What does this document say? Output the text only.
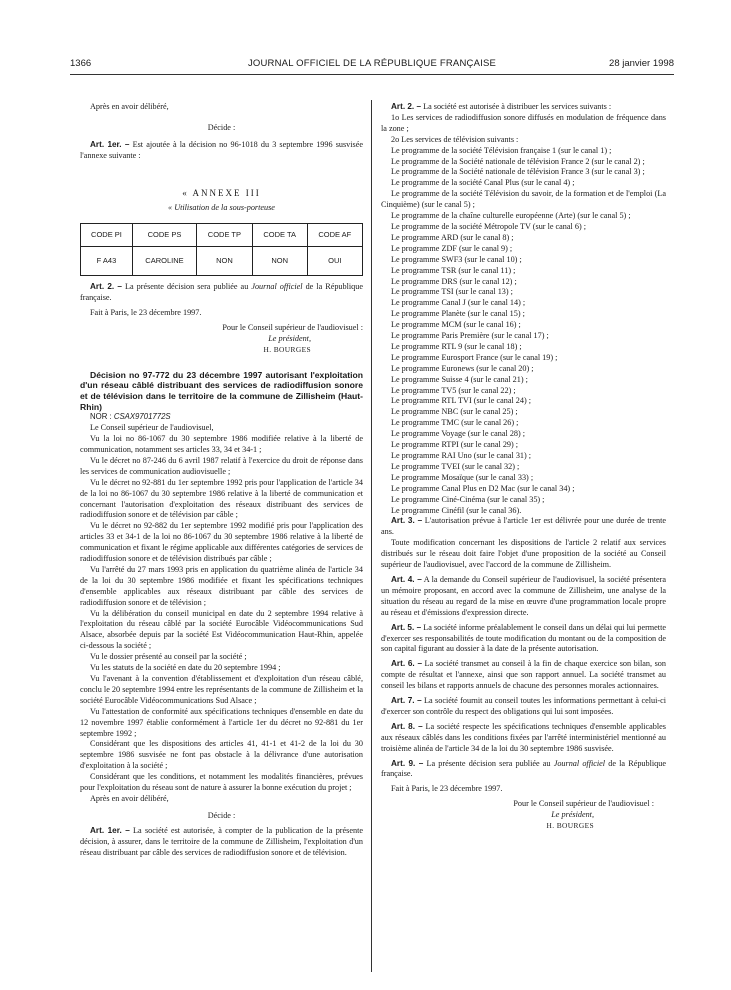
1366	JOURNAL OFFICIEL DE LA RÉPUBLIQUE FRANÇAISE	28 janvier 1998

Après en avoir délibéré,

Décide :

Art. 1er. – Est ajoutée à la décision no 96-1018 du 3 septembre 1996 susvisée l'annexe suivante :

« ANNEXE III

« Utilisation de la sous-porteuse

CODE PI	CODE PS	CODE TP	CODE TA	CODE AF
F A43	CAROLINE	NON	NON	OUI

Art. 2. – La présente décision sera publiée au Journal officiel de la République française.

Fait à Paris, le 23 décembre 1997.

Pour le Conseil supérieur de l'audiovisuel :

Le président,

H. BOURGES

Décision no 97-772 du 23 décembre 1997 autorisant l'exploitation d'un réseau câblé distribuant des services de radiodiffusion sonore et de télévision dans le territoire de la commune de Zillisheim (Haut-Rhin)

NOR : CSAX9701772S

Le Conseil supérieur de l'audiovisuel,

Vu la loi no 86-1067 du 30 septembre 1986 modifiée relative à la liberté de communication, notamment ses articles 33, 34 et 34-1 ;

Vu le décret no 87-246 du 6 avril 1987 relatif à l'exercice du droit de réponse dans les services de communication audiovisuelle ;

Vu le décret no 92-881 du 1er septembre 1992 pris pour l'application de l'article 34 de la loi no 86-1067 du 30 septembre 1986 relative à la liberté de communication et concernant l'autorisation d'exploitation des réseaux distribuant des services de radiodiffusion sonore et de télévision par câble ;

Vu le décret no 92-882 du 1er septembre 1992 modifié pris pour l'application des articles 33 et 34-1 de la loi no 86-1067 du 30 septembre 1986 relative à la liberté de communication et fixant le régime applicable aux différentes catégories de services de radiodiffusion sonore et de télévision distribués par câble ;

Vu l'arrêté du 27 mars 1993 pris en application du quatrième alinéa de l'article 34 de la loi du 30 septembre 1986 modifiée et fixant les spécifications techniques d'ensemble applicables aux réseaux distribuant par câble des services de radiodiffusion sonore et de télévision ;

Vu la délibération du conseil municipal en date du 2 septembre 1994 relative à l'exploitation du réseau câblé par la société Eurocâble Vidéocommunications Sud Alsace, absorbée depuis par la société Est Vidéocommunication Haut-Rhin, appelée ci-dessous la société ;

Vu le dossier présenté au conseil par la société ;

Vu les statuts de la société en date du 20 septembre 1994 ;

Vu l'avenant à la convention d'établissement et d'exploitation d'un réseau câblé, conclu le 20 septembre 1994 entre les représentants de la commune de Zillisheim et la société Eurocâble Vidéocommunications Sud Alsace ;

Vu l'attestation de conformité aux spécifications techniques d'ensemble en date du 12 novembre 1997 établie conformément à l'article 1er du décret no 92-881 du 1er septembre 1992 ;

Considérant que les dispositions des articles 41, 41-1 et 41-2 de la loi du 30 septembre 1986 susvisée ne font pas obstacle à la délivrance d'une autorisation d'exploitation à la société ;

Considérant que les conditions, et notamment les modalités financières, prévues pour l'exploitation du réseau sont de nature à assurer la bonne exécution du projet ;

Après en avoir délibéré,

Décide :

Art. 1er. – La société est autorisée, à compter de la publication de la présente décision, à assurer, dans le territoire de la commune de Zillisheim, l'exploitation d'un réseau distribuant par câble des services de radiodiffusion sonore et de télévision.

Art. 2. – La société est autorisée à distribuer les services suivants :

1o Les services de radiodiffusion sonore diffusés en modulation de fréquence dans la zone ;

2o Les services de télévision suivants :

Le programme de la société Télévision française 1 (sur le canal 1) ;

Le programme de la Société nationale de télévision France 2 (sur le canal 2) ;

Le programme de la Société nationale de télévision France 3 (sur le canal 3) ;

Le programme de la société Canal Plus (sur le canal 4) ;

Le programme de la société Télévision du savoir, de la formation et de l'emploi (La Cinquième) (sur le canal 5) ;

Le programme de la chaîne culturelle européenne (Arte) (sur le canal 5) ;

Le programme de la société Métropole TV (sur le canal 6) ;

Le programme ARD (sur le canal 8) ;

Le programme ZDF (sur le canal 9) ;

Le programme SWF3 (sur le canal 10) ;

Le programme TSR (sur le canal 11) ;

Le programme DRS (sur le canal 12) ;

Le programme TSI (sur le canal 13) ;

Le programme Canal J (sur le canal 14) ;

Le programme Planète (sur le canal 15) ;

Le programme MCM (sur le canal 16) ;

Le programme Paris Première (sur le canal 17) ;

Le programme RTL 9 (sur le canal 18) ;

Le programme Eurosport France (sur le canal 19) ;

Le programme Euronews (sur le canal 20) ;

Le programme Suisse 4 (sur le canal 21) ;

Le programme TV5 (sur le canal 22) ;

Le programme RTL TVI (sur le canal 24) ;

Le programme NBC (sur le canal 25) ;

Le programme TMC (sur le canal 26) ;

Le programme Voyage (sur le canal 28) ;

Le programme RTPI (sur le canal 29) ;

Le programme RAI Uno (sur le canal 31) ;

Le programme TVEI (sur le canal 32) ;

Le programme Mosaïque (sur le canal 33) ;

Le programme Canal Plus en D2 Mac (sur le canal 34) ;

Le programme Ciné-Cinéma (sur le canal 35) ;

Le programme Cinéfil (sur le canal 36).

Art. 3. – L'autorisation prévue à l'article 1er est délivrée pour une durée de trente ans.

Toute modification concernant les dispositions de l'article 2 relatif aux services distribués sur le réseau doit faire l'objet d'une proposition de la société au Conseil supérieur de l'audiovisuel, avec l'accord de la commune de Zillisheim.

Art. 4. – A la demande du Conseil supérieur de l'audiovisuel, la société présentera un mémoire proposant, en accord avec la commune de Zillisheim, une analyse de la situation du réseau au regard de la mise en œuvre d'une programmation locale propre au réseau et d'émissions d'expression directe.

Art. 5. – La société informe préalablement le conseil dans un délai qui lui permette d'exercer ses responsabilités de toute modification du montant ou de la composition de son capital figurant au dossier à la date de la présente autorisation.

Art. 6. – La société transmet au conseil à la fin de chaque exercice son bilan, son compte de résultat et l'annexe, ainsi que son rapport annuel. La société transmet au conseil les bilans et rapports annuels de chacune des personnes morales actionnaires.

Art. 7. – La société fournit au conseil toutes les informations permettant à celui-ci d'exercer son contrôle du respect des obligations qui lui sont imposées.

Art. 8. – La société respecte les spécifications techniques d'ensemble applicables aux réseaux câblés dans les conditions fixées par l'arrêté interministériel mentionné au troisième alinéa de l'article 34 de la loi du 30 septembre 1986 susvisée.

Art. 9. – La présente décision sera publiée au Journal officiel de la République française.

Fait à Paris, le 23 décembre 1997.

Pour le Conseil supérieur de l'audiovisuel :

Le président,

H. BOURGES
